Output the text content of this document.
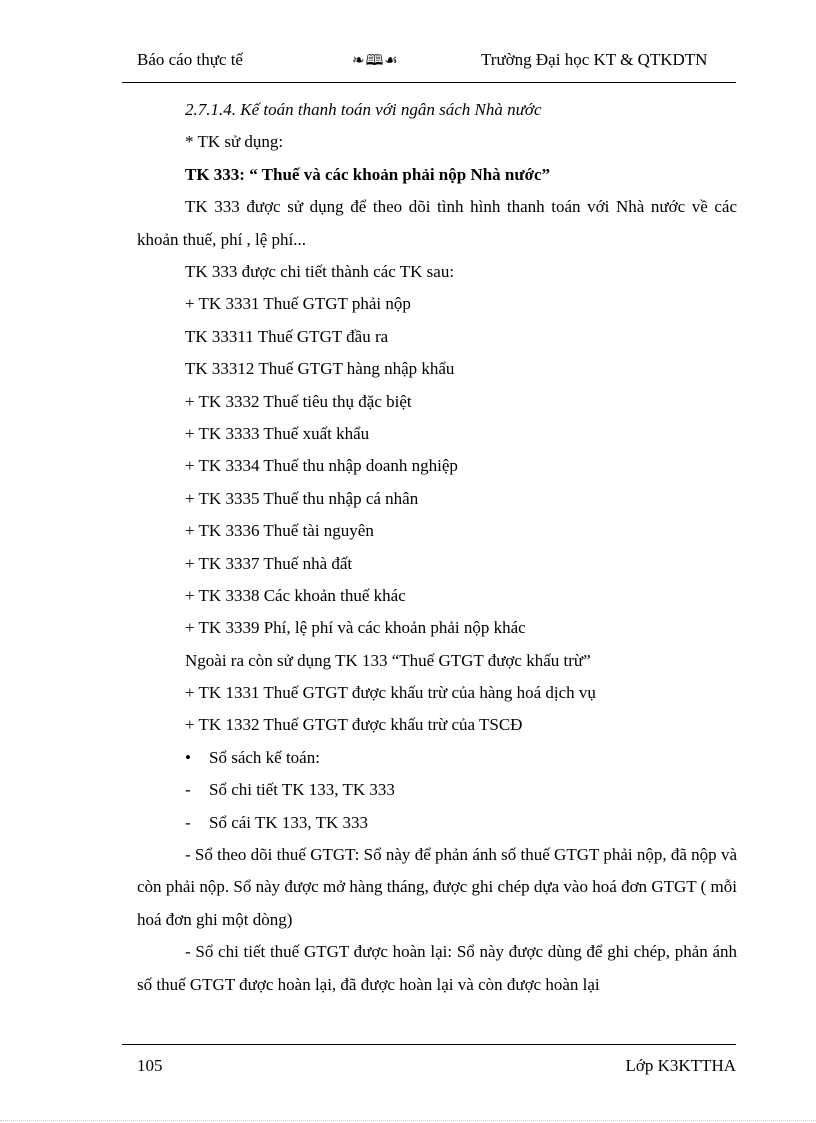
Báo cáo thực tế	❧🕮☙	Trường Đại học KT & QTKDTN
2.7.1.4. Kế toán thanh toán với ngân sách Nhà nước
* TK sử dụng:
TK 333: “ Thuế và các khoản phải nộp Nhà nước”
TK 333 được sử dụng để theo dõi tình hình thanh toán với Nhà nước về các khoản thuế, phí , lệ phí...
TK 333 được chi tiết thành các TK sau:
+ TK 3331 Thuế GTGT phải nộp
TK 33311 Thuế GTGT đầu ra
TK 33312 Thuế GTGT hàng nhập khẩu
+ TK 3332 Thuế tiêu thụ đặc biệt
+ TK 3333 Thuế xuất khẩu
+ TK 3334 Thuế thu nhập doanh nghiệp
+ TK 3335 Thuế thu nhập cá nhân
+ TK 3336 Thuế tài nguyên
+ TK 3337 Thuế nhà đất
+ TK 3338 Các khoản thuế khác
+ TK 3339 Phí, lệ phí và các khoản phải nộp khác
Ngoài ra còn sử dụng TK 133 “Thuế GTGT được khấu trừ”
+ TK 1331 Thuế GTGT được khấu trừ của hàng hoá dịch vụ
+ TK 1332 Thuế GTGT được khấu trừ của TSCĐ
•	Sổ sách kế toán:
-	Sổ chi tiết TK 133, TK 333
-	Sổ cái TK 133, TK 333
- Sổ theo dõi thuế GTGT: Sổ này để phản ánh số thuế GTGT phải nộp, đã nộp và còn phải nộp. Sổ này được mở hàng tháng, được ghi chép dựa vào hoá đơn GTGT ( mỗi hoá đơn ghi một dòng)
- Sổ chi tiết thuế GTGT được hoàn lại: Sổ này được dùng để ghi chép, phản ánh số thuế GTGT được hoàn lại, đã được hoàn lại và còn được hoàn lại
105	Lớp K3KTTHA
